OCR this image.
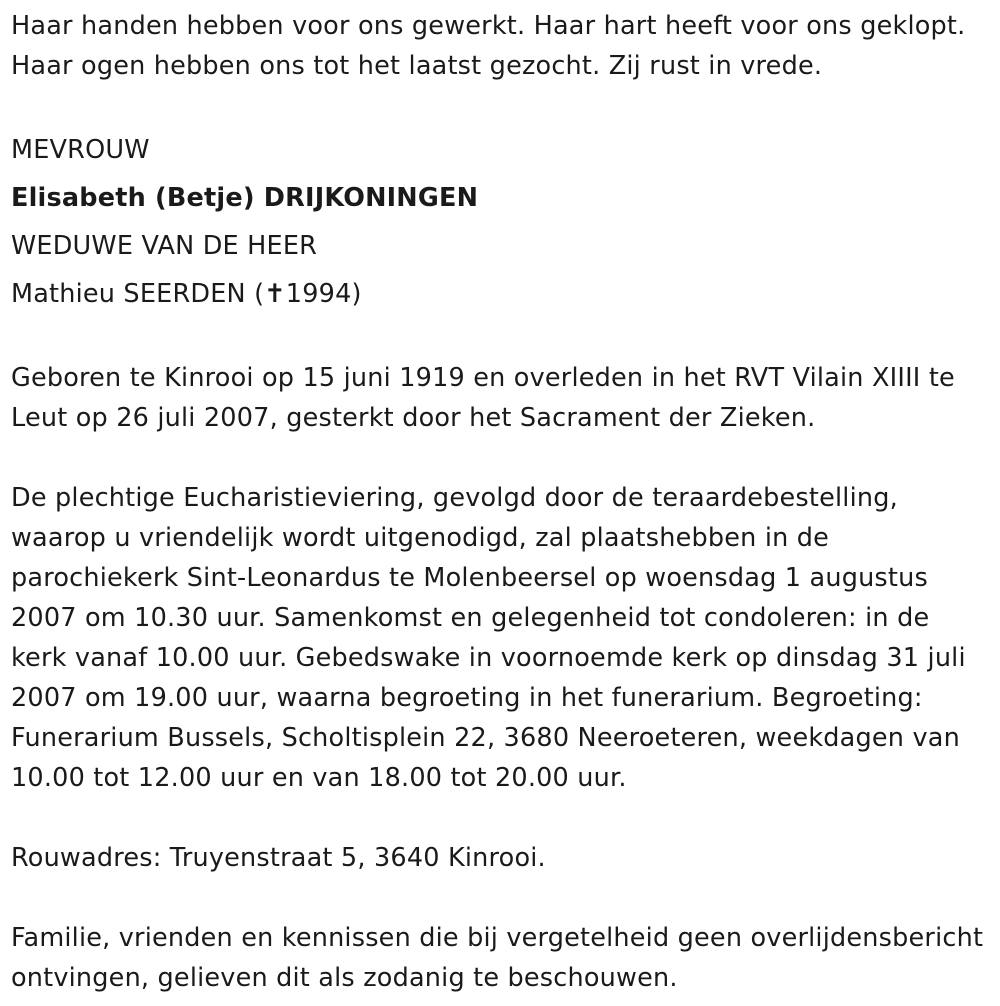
Haar handen hebben voor ons gewerkt. Haar hart heeft voor ons geklopt. Haar ogen hebben ons tot het laatst gezocht. Zij rust in vrede.

MEVROUW

Elisabeth (Betje) DRIJKONINGEN

WEDUWE VAN DE HEER

Mathieu SEERDEN (✝1994)

Geboren te Kinrooi op 15 juni 1919 en overleden in het RVT Vilain XIIII te Leut op 26 juli 2007, gesterkt door het Sacrament der Zieken.

De plechtige Eucharistieviering, gevolgd door de teraardebestelling, waarop u vriendelijk wordt uitgenodigd, zal plaatshebben in de parochiekerk Sint-Leonardus te Molenbeersel op woensdag 1 augustus 2007 om 10.30 uur. Samenkomst en gelegenheid tot condoleren: in de kerk vanaf 10.00 uur. Gebedswake in voornoemde kerk op dinsdag 31 juli 2007 om 19.00 uur, waarna begroeting in het funerarium. Begroeting: Funerarium Bussels, Scholtisplein 22, 3680 Neeroeteren, weekdagen van 10.00 tot 12.00 uur en van 18.00 tot 20.00 uur.

Rouwadres: Truyenstraat 5, 3640 Kinrooi.

Familie, vrienden en kennissen die bij vergetelheid geen overlijdensbericht ontvingen, gelieven dit als zodanig te beschouwen.
